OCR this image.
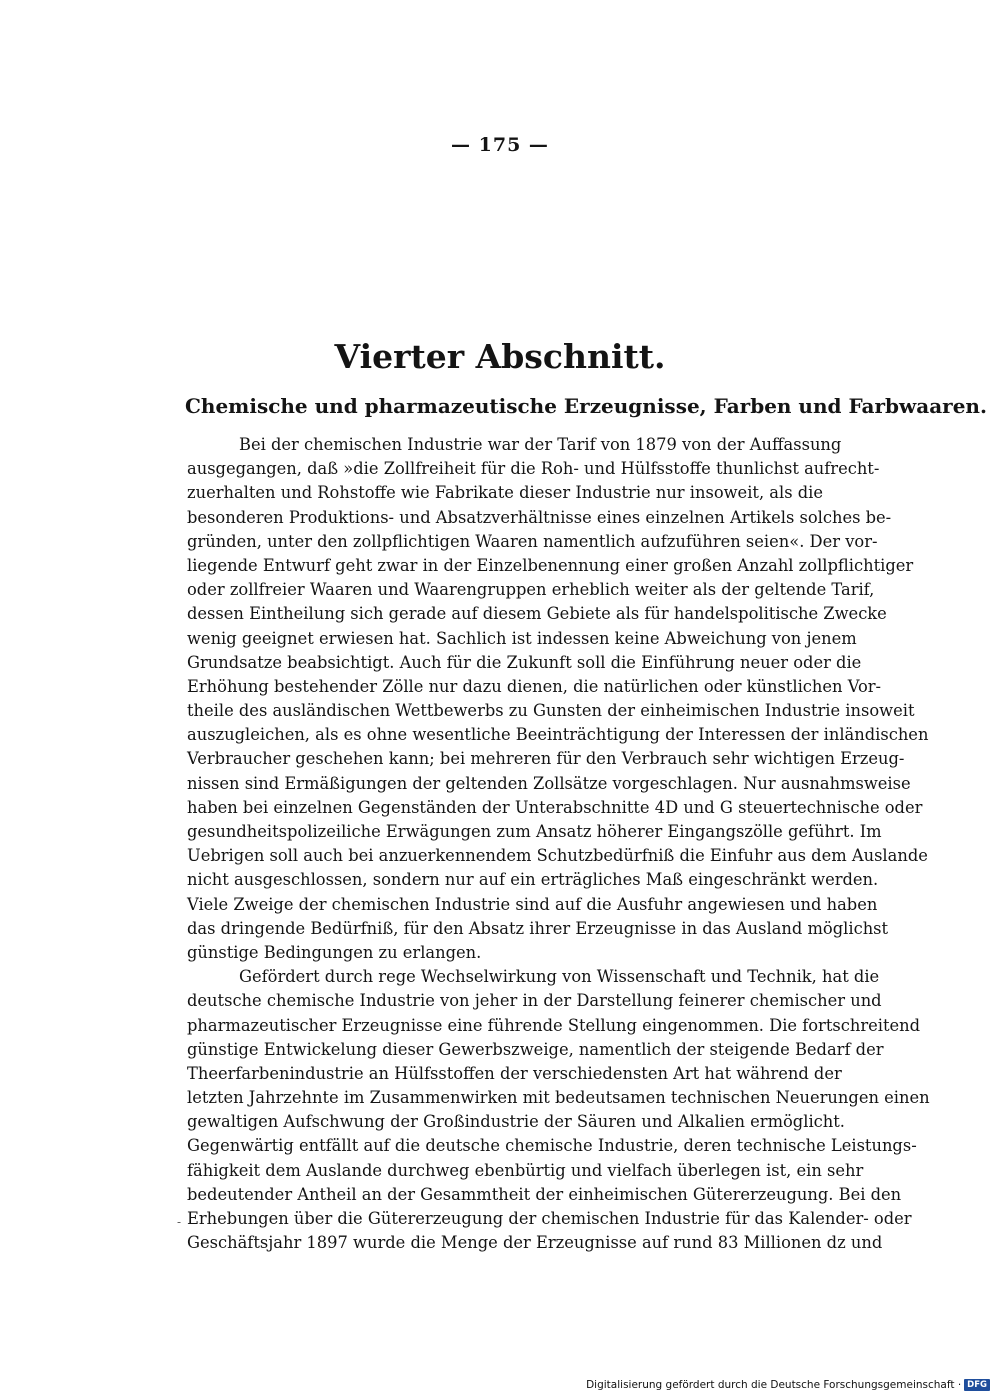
— 175 —
Vierter Abschnitt.
Chemische und pharmazeutische Erzeugnisse, Farben und Farbwaaren.
Bei der chemischen Industrie war der Tarif von 1879 von der Auffassung
ausgegangen, daß »die Zollfreiheit für die Roh- und Hülfsstoffe thunlichst aufrecht-
zuerhalten und Rohstoffe wie Fabrikate dieser Industrie nur insoweit, als die
besonderen Produktions- und Absatzverhältnisse eines einzelnen Artikels solches be-
gründen, unter den zollpflichtigen Waaren namentlich aufzuführen seien«. Der vor-
liegende Entwurf geht zwar in der Einzelbenennung einer großen Anzahl zollpflichtiger
oder zollfreier Waaren und Waarengruppen erheblich weiter als der geltende Tarif,
dessen Eintheilung sich gerade auf diesem Gebiete als für handelspolitische Zwecke
wenig geeignet erwiesen hat. Sachlich ist indessen keine Abweichung von jenem
Grundsatze beabsichtigt. Auch für die Zukunft soll die Einführung neuer oder die
Erhöhung bestehender Zölle nur dazu dienen, die natürlichen oder künstlichen Vor-
theile des ausländischen Wettbewerbs zu Gunsten der einheimischen Industrie insoweit
auszugleichen, als es ohne wesentliche Beeinträchtigung der Interessen der inländischen
Verbraucher geschehen kann; bei mehreren für den Verbrauch sehr wichtigen Erzeug-
nissen sind Ermäßigungen der geltenden Zollsätze vorgeschlagen. Nur ausnahmsweise
haben bei einzelnen Gegenständen der Unterabschnitte 4D und G steuertechnische oder
gesundheitspolizeiliche Erwägungen zum Ansatz höherer Eingangszölle geführt. Im
Uebrigen soll auch bei anzuerkennendem Schutzbedürfniß die Einfuhr aus dem Auslande
nicht ausgeschlossen, sondern nur auf ein erträgliches Maß eingeschränkt werden.
Viele Zweige der chemischen Industrie sind auf die Ausfuhr angewiesen und haben
das dringende Bedürfniß, für den Absatz ihrer Erzeugnisse in das Ausland möglichst
günstige Bedingungen zu erlangen.
Gefördert durch rege Wechselwirkung von Wissenschaft und Technik, hat die
deutsche chemische Industrie von jeher in der Darstellung feinerer chemischer und
pharmazeutischer Erzeugnisse eine führende Stellung eingenommen. Die fortschreitend
günstige Entwickelung dieser Gewerbszweige, namentlich der steigende Bedarf der
Theerfarbenindustrie an Hülfsstoffen der verschiedensten Art hat während der
letzten Jahrzehnte im Zusammenwirken mit bedeutsamen technischen Neuerungen einen
gewaltigen Aufschwung der Großindustrie der Säuren und Alkalien ermöglicht.
Gegenwärtig entfällt auf die deutsche chemische Industrie, deren technische Leistungs-
fähigkeit dem Auslande durchweg ebenbürtig und vielfach überlegen ist, ein sehr
bedeutender Antheil an der Gesammtheit der einheimischen Gütererzeugung. Bei den
Erhebungen über die Gütererzeugung der chemischen Industrie für das Kalender- oder
Geschäftsjahr 1897 wurde die Menge der Erzeugnisse auf rund 83 Millionen dz und
-
Digitalisierung gefördert durch die Deutsche Forschungsgemeinschaft · DFG
